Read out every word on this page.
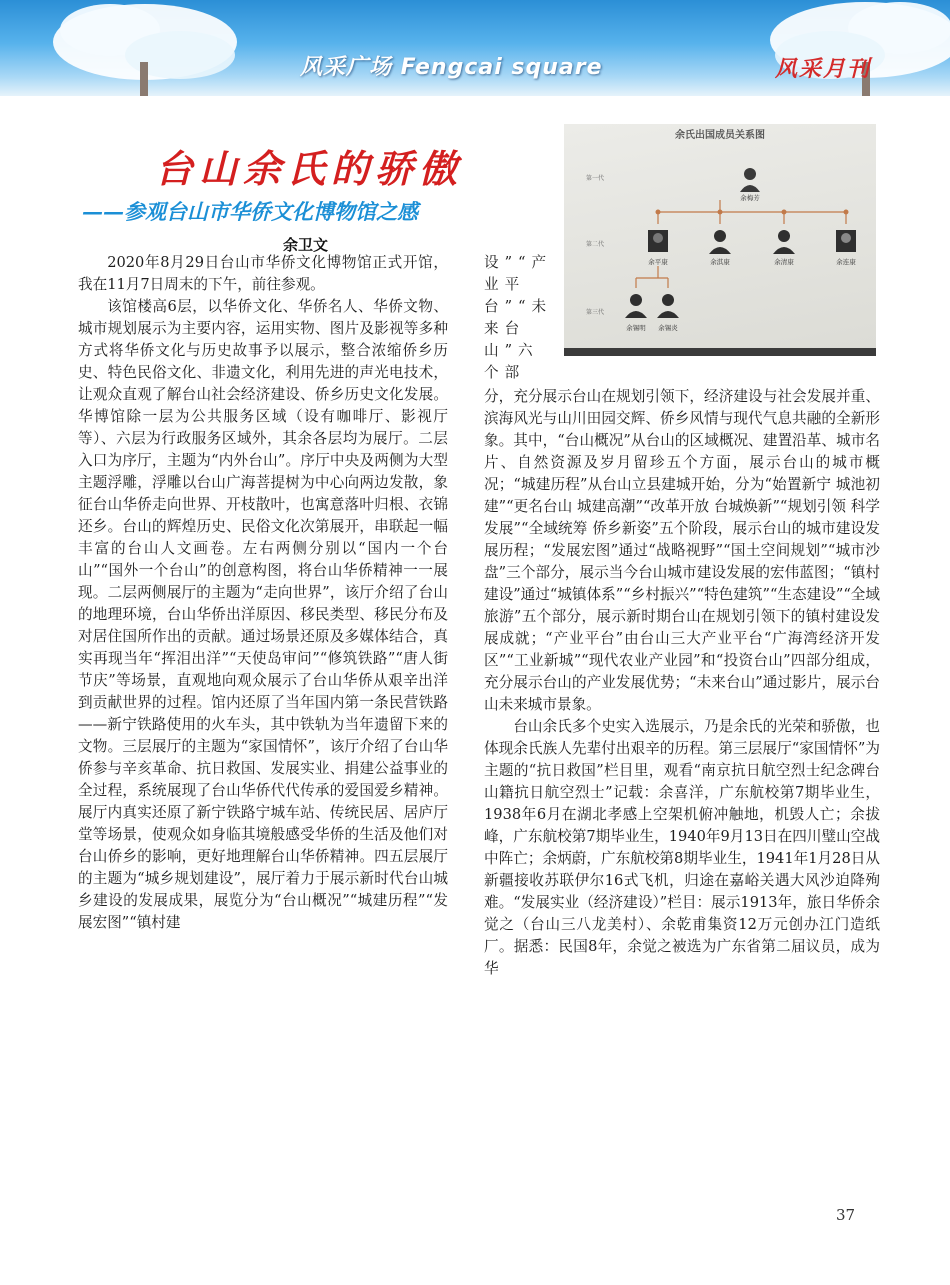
风采广场 Fengcai square	风采月刊
台山余氏的骄傲
——参观台山市华侨文化博物馆之感
余卫文
余氏出国成员关系图
第一代
第二代
第三代
余梅芳
余平康	余淇康	余清康	余连康
余锡明 余锡炎

2020年8月29日台山市华侨文化博物馆正式开馆，我在11月7日周末的下午，前往参观。

该馆楼高6层，以华侨文化、华侨名人、华侨文物、城市规划展示为主要内容，运用实物、图片及影视等多种方式将华侨文化与历史故事予以展示，整合浓缩侨乡历史、特色民俗文化、非遗文化，利用先进的声光电技术，让观众直观了解台山社会经济建设、侨乡历史文化发展。华博馆除一层为公共服务区域（设有咖啡厅、影视厅等）、六层为行政服务区域外，其余各层均为展厅。二层入口为序厅，主题为“内外台山”。序厅中央及两侧为大型主题浮雕，浮雕以台山广海菩提树为中心向两边发散，象征台山华侨走向世界、开枝散叶，也寓意落叶归根、衣锦还乡。台山的辉煌历史、民俗文化次第展开，串联起一幅丰富的台山人文画卷。左右两侧分别以“国内一个台山”“国外一个台山”的创意构图，将台山华侨精神一一展现。二层两侧展厅的主题为“走向世界”，该厅介绍了台山的地理环境，台山华侨出洋原因、移民类型、移民分布及对居住国所作出的贡献。通过场景还原及多媒体结合，真实再现当年“挥泪出洋”“天使岛审问”“修筑铁路”“唐人街节庆”等场景，直观地向观众展示了台山华侨从艰辛出洋到贡献世界的过程。馆内还原了当年国内第一条民营铁路——新宁铁路使用的火车头，其中铁轨为当年遗留下来的文物。三层展厅的主题为“家国情怀”，该厅介绍了台山华侨参与辛亥革命、抗日救国、发展实业、捐建公益事业的全过程，系统展现了台山华侨代代传承的爱国爱乡精神。展厅内真实还原了新宁铁路宁城车站、传统民居、居庐厅堂等场景，使观众如身临其境般感受华侨的生活及他们对台山侨乡的影响，更好地理解台山华侨精神。四五层展厅的主题为“城乡规划建设”，展厅着力于展示新时代台山城乡建设的发展成果，展览分为“台山概况”“城建历程”“发展宏图”“镇村建

设”“产业平台”“未来台山”六个部

分，充分展示台山在规划引领下，经济建设与社会发展并重、滨海风光与山川田园交辉、侨乡风情与现代气息共融的全新形象。其中，“台山概况”从台山的区域概况、建置沿革、城市名片、自然资源及岁月留珍五个方面，展示台山的城市概况；“城建历程”从台山立县建城开始，分为“始置新宁 城池初建”“更名台山 城建高潮”“改革开放 台城焕新”“规划引领 科学发展”“全域统筹 侨乡新姿”五个阶段，展示台山的城市建设发展历程；“发展宏图”通过“战略视野”“国土空间规划”“城市沙盘”三个部分，展示当今台山城市建设发展的宏伟蓝图；“镇村建设”通过“城镇体系”“乡村振兴”“特色建筑”“生态建设”“全域旅游”五个部分，展示新时期台山在规划引领下的镇村建设发展成就；“产业平台”由台山三大产业平台“广海湾经济开发区”“工业新城”“现代农业产业园”和“投资台山”四部分组成，充分展示台山的产业发展优势；“未来台山”通过影片，展示台山未来城市景象。

台山余氏多个史实入选展示，乃是余氏的光荣和骄傲，也体现余氏族人先辈付出艰辛的历程。第三层展厅“家国情怀”为主题的“抗日救国”栏目里，观看“南京抗日航空烈士纪念碑台山籍抗日航空烈士”记载：余喜洋，广东航校第7期毕业生，1938年6月在湖北孝感上空架机俯冲触地，机毁人亡；余拔峰，广东航校第7期毕业生，1940年9月13日在四川璧山空战中阵亡；余炳蔚，广东航校第8期毕业生，1941年1月28日从新疆接收苏联伊尔16式飞机，归途在嘉峪关遇大风沙迫降殉难。“发展实业（经济建设）”栏目：展示1913年，旅日华侨余觉之（台山三八龙美村）、余乾甫集资12万元创办江门造纸厂。据悉：民国8年，余觉之被选为广东省第二届议员，成为华

37
